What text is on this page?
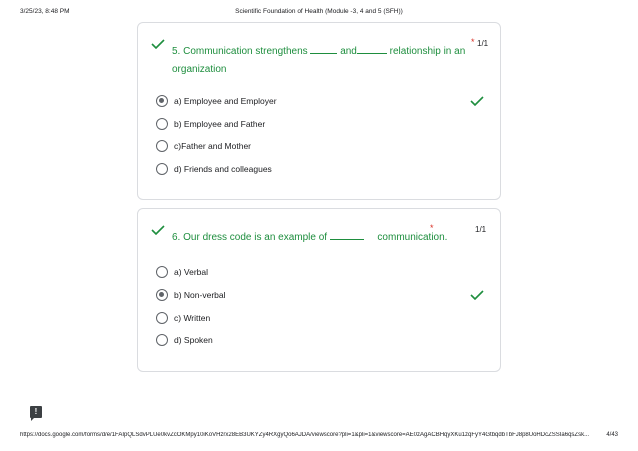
3/25/23, 8:48 PM	Scientific Foundation of Health (Module -3, 4 and 5 (SFH))
5. Communication strengthens	and	relationship in an
organization
* 1/1
a) Employee and Employer
b) Employee and Father
c)Father and Mother
d) Friends and colleagues
6. Our dress code is an example of	communication.
*	1/1
a) Verbal
b) Non-verbal
c) Written
d) Spoken
!
https://docs.google.com/forms/d/e/1FAIpQLSdvPLUe0kvZcOKMpy10iKoVHzrx28EB3UKYZy4RXgyQo6AJDA/viewscore?pli=1&pli=1&viewscore=AE0zAgACBHqyXKu1zqFyY4GtbqdbTbFJ8p8UoHDcZSSIa6qsZsk...	4/43
